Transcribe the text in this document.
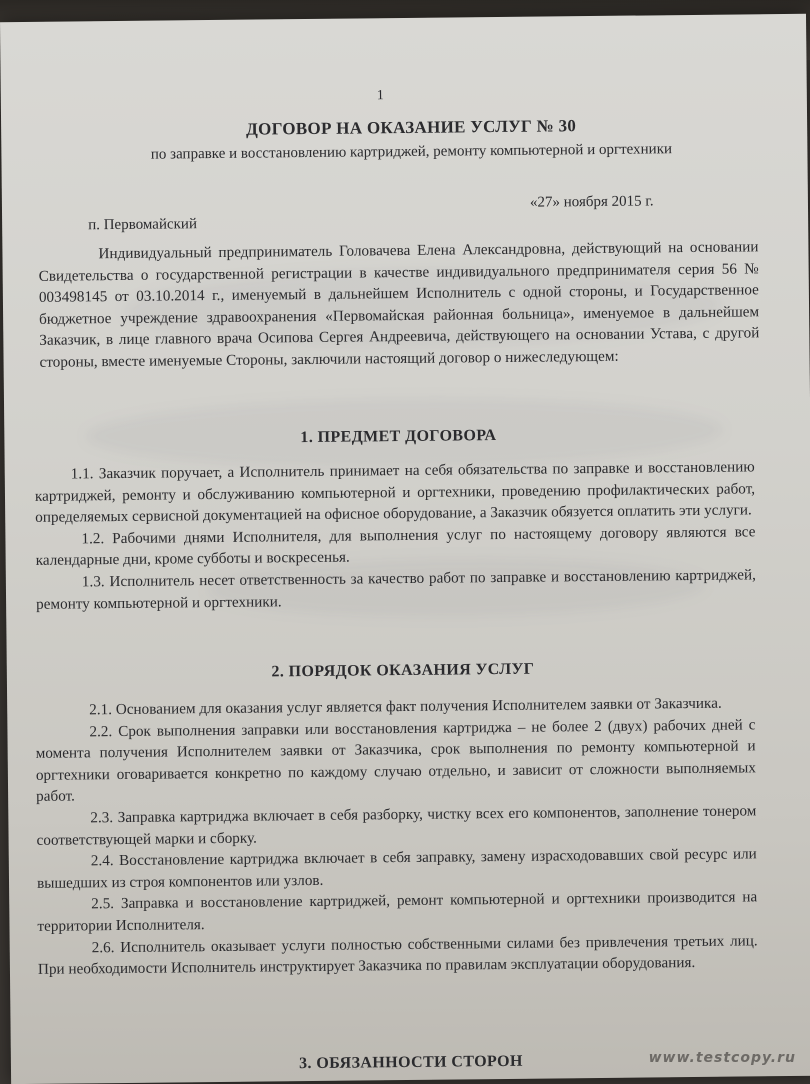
1
ДОГОВОР НА ОКАЗАНИЕ УСЛУГ № 30
по заправке и восстановлению картриджей, ремонту компьютерной и оргтехники
«27» ноября 2015 г.
п. Первомайский

Индивидуальный предприниматель Головачева Елена Александровна, действующий на основании Свидетельства о государственной регистрации в качестве индивидуального предпринимателя серия 56 № 003498145 от 03.10.2014 г., именуемый в дальнейшем Исполнитель с одной стороны, и Государственное бюджетное учреждение здравоохранения «Первомайская районная больница», именуемое в дальнейшем Заказчик, в лице главного врача Осипова Сергея Андреевича, действующего на основании Устава, с другой стороны, вместе именуемые Стороны, заключили настоящий договор о нижеследующем:

1. ПРЕДМЕТ ДОГОВОРА

1.1. Заказчик поручает, а Исполнитель принимает на себя обязательства по заправке и восстановлению картриджей, ремонту и обслуживанию компьютерной и оргтехники, проведению профилактических работ, определяемых сервисной документацией на офисное оборудование, а Заказчик обязуется оплатить эти услуги.

1.2. Рабочими днями Исполнителя, для выполнения услуг по настоящему договору являются все календарные дни, кроме субботы и воскресенья.

1.3. Исполнитель несет ответственность за качество работ по заправке и восстановлению картриджей, ремонту компьютерной и оргтехники.

2. ПОРЯДОК ОКАЗАНИЯ УСЛУГ

2.1. Основанием для оказания услуг является факт получения Исполнителем заявки от Заказчика.

2.2. Срок выполнения заправки или восстановления картриджа – не более 2 (двух) рабочих дней с момента получения Исполнителем заявки от Заказчика, срок выполнения по ремонту компьютерной и оргтехники оговаривается конкретно по каждому случаю отдельно, и зависит от сложности выполняемых работ.

2.3. Заправка картриджа включает в себя разборку, чистку всех его компонентов, заполнение тонером соответствующей марки и сборку.

2.4. Восстановление картриджа включает в себя заправку, замену израсходовавших свой ресурс или вышедших из строя компонентов или узлов.

2.5. Заправка и восстановление картриджей, ремонт компьютерной и оргтехники производится на территории Исполнителя.

2.6. Исполнитель оказывает услуги полностью собственными силами без привлечения третьих лиц. При необходимости Исполнитель инструктирует Заказчика по правилам эксплуатации оборудования.

3. ОБЯЗАННОСТИ СТОРОН	www.testcopy.ru
